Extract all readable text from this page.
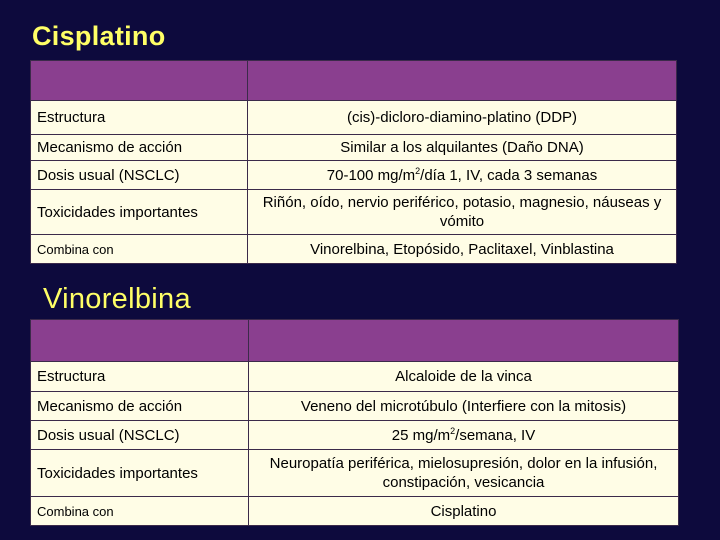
Cisplatino

Estructura	(cis)-dicloro-diamino-platino (DDP)
Mecanismo de acción	Similar a los alquilantes (Daño DNA)
Dosis usual (NSCLC)	70-100 $mg/m^2$/día 1, IV, cada 3 semanas
Toxicidades importantes	Riñón, oído, nervio periférico, potasio, magnesio, náuseas y vómito
Combina con	Vinorelbina, Etopósido, Paclitaxel, Vinblastina
Vinorelbina

Estructura	Alcaloide de la vinca
Mecanismo de acción	Veneno del microtúbulo (Interfiere con la mitosis)
Dosis usual (NSCLC)	25 $mg/m^2$/semana, IV
Toxicidades importantes	Neuropatía periférica, mielosupresión, dolor en la infusión, constipación, vesicancia
Combina con	Cisplatino
